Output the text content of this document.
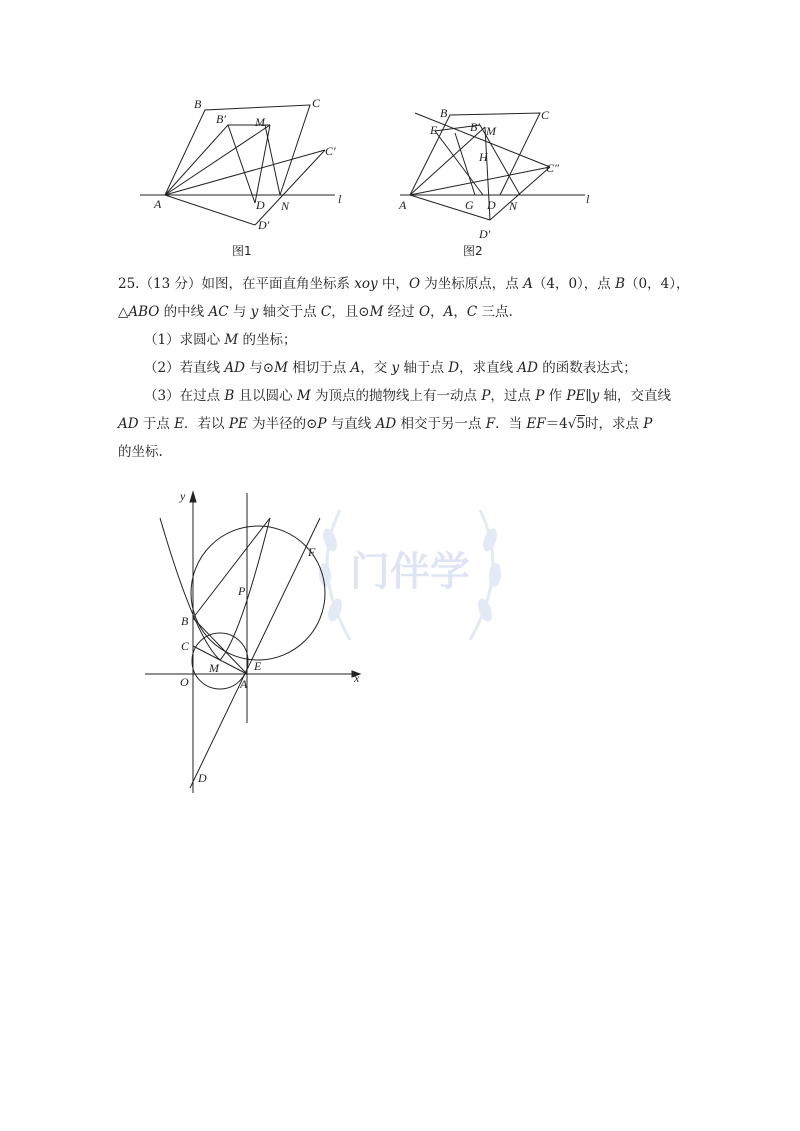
B	C
B′ M
C′
A	D N
D′
l
图1
B	C
E	B′ M
H
C″
A	G D N
D′
l
图2

25.（13 分）如图，在平面直角坐标系 xoy 中，O 为坐标原点，点 A（4，0），点 B（0，4），

△ABO 的中线 AC 与 y 轴交于点 C，且⊙M 经过 O，A，C 三点.

（1）求圆心 M 的坐标；

（2）若直线 AD 与⊙M 相切于点 A，交 y 轴于点 D，求直线 AD 的函数表达式；

（3）在过点 B 且以圆心 M 为顶点的抛物线上有一动点 P，过点 P 作 PE∥y 轴，交直线

AD 于点 E．若以 PE 为半径的⊙P 与直线 AD 相交于另一点 F．当 EF＝4√5时，求点 P

的坐标.

门伴学
y
x
O	A
B
C
M	E
P
F
D
